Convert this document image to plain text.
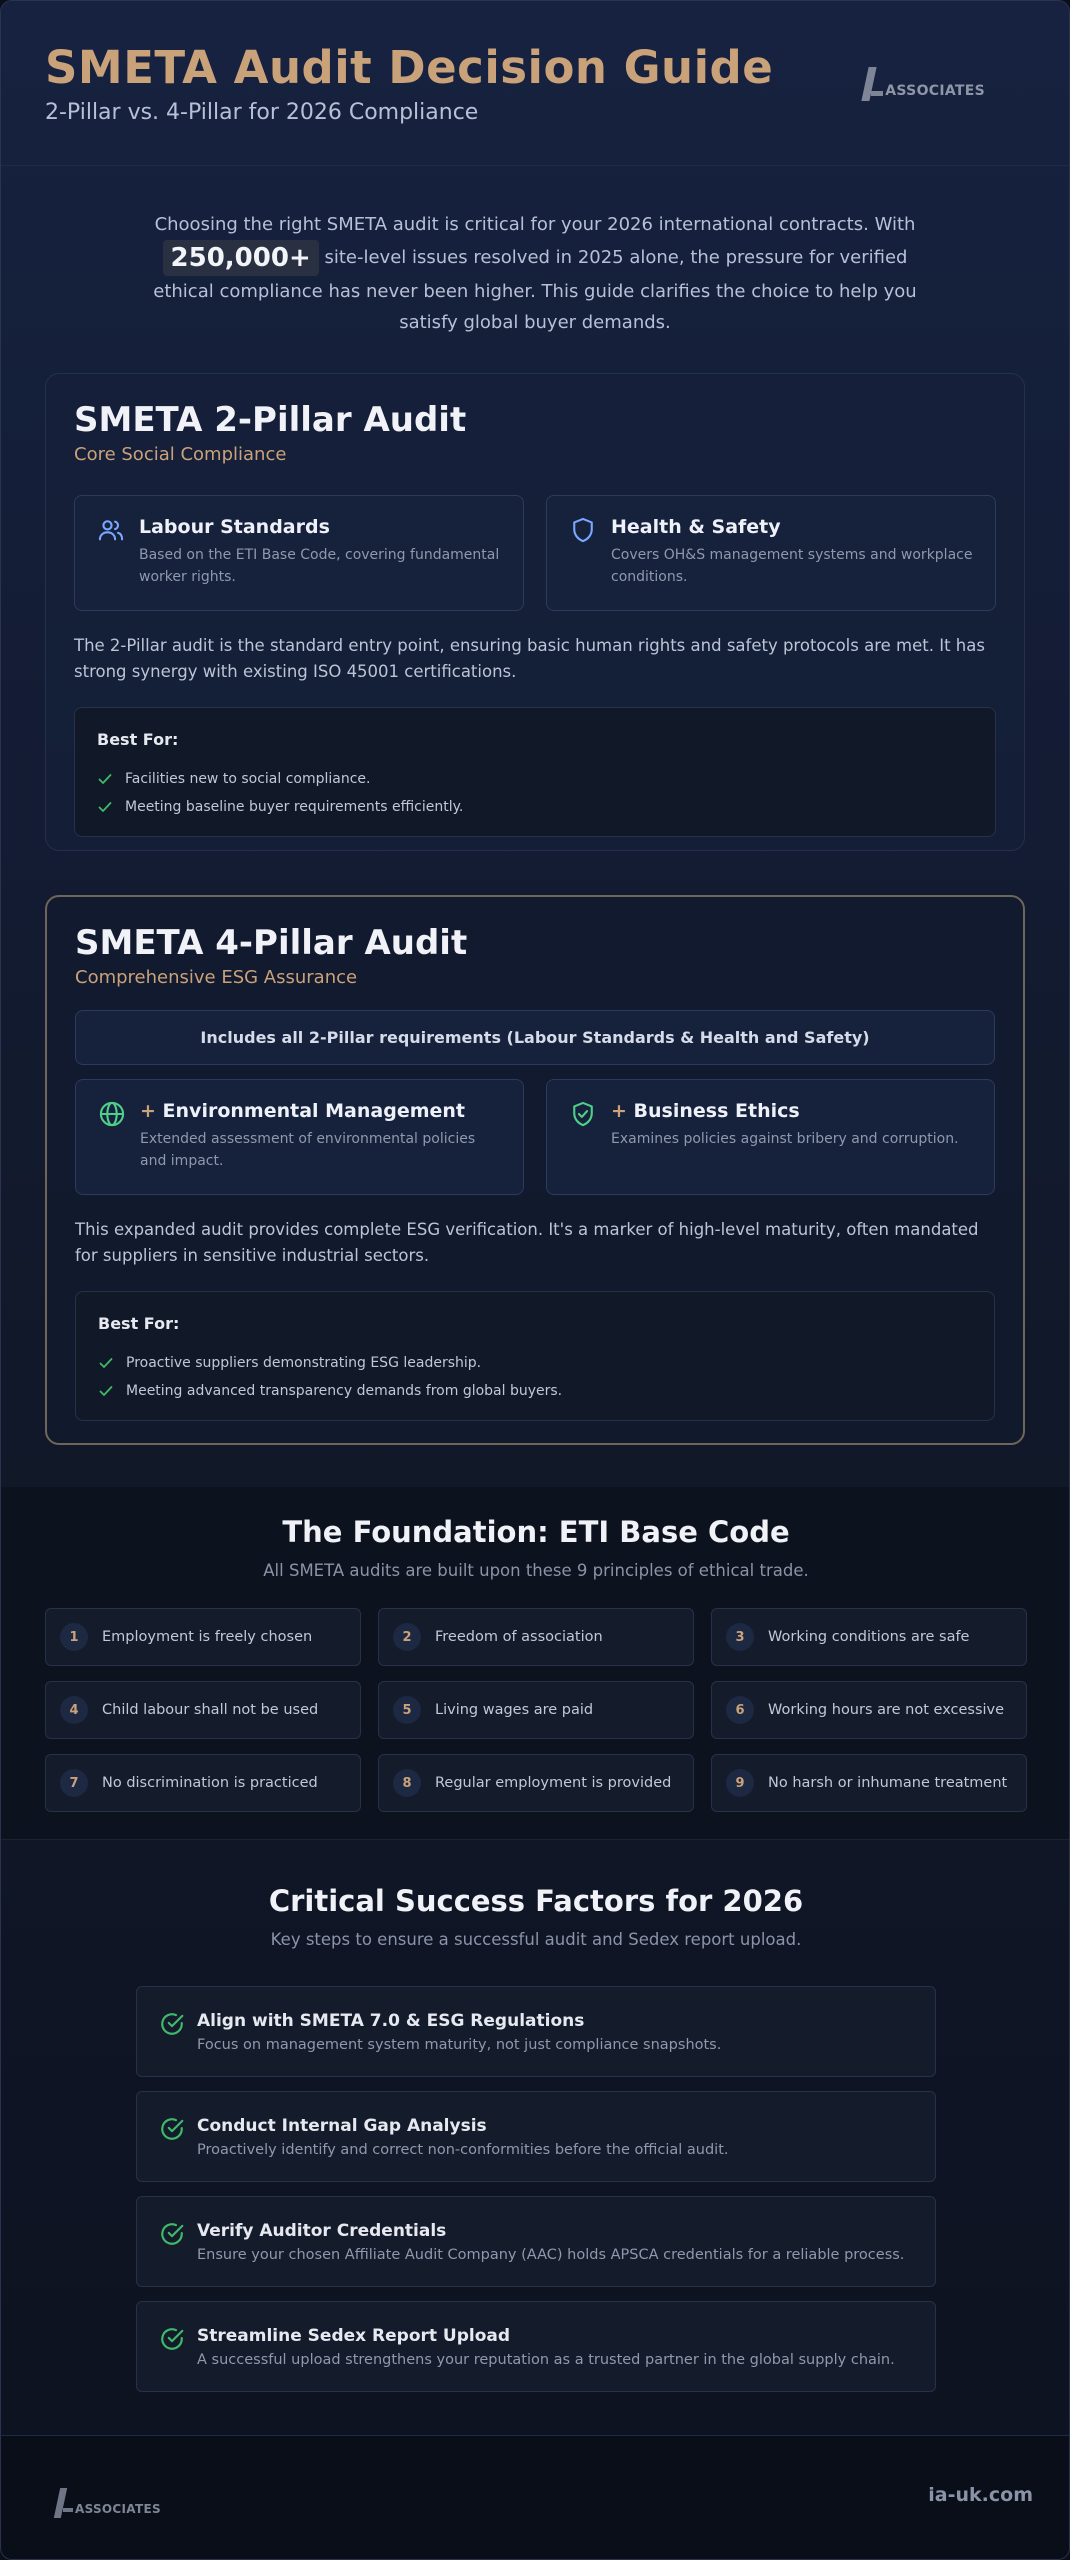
SMETA Audit Decision Guide
2-Pillar vs. 4-Pillar for 2026 Compliance
ASSOCIATES
Choosing the right SMETA audit is critical for your 2026 international contracts. With
250,000+ site-level issues resolved in 2025 alone, the pressure for verified ethical compliance has never been higher. This guide clarifies the choice to help you satisfy global buyer demands.
SMETA 2-Pillar Audit
Core Social Compliance
Labour Standards
Based on the ETI Base Code, covering fundamental worker rights.
Health & Safety
Covers OH&S management systems and workplace conditions.
The 2-Pillar audit is the standard entry point, ensuring basic human rights and safety protocols are met. It has strong synergy with existing ISO 45001 certifications.
Best For:
Facilities new to social compliance.
Meeting baseline buyer requirements efficiently.
SMETA 4-Pillar Audit
Comprehensive ESG Assurance
Includes all 2-Pillar requirements (Labour Standards & Health and Safety)
+ Environmental Management
Extended assessment of environmental policies and impact.
+ Business Ethics
Examines policies against bribery and corruption.
This expanded audit provides complete ESG verification. It's a marker of high-level maturity, often mandated for suppliers in sensitive industrial sectors.
Best For:
Proactive suppliers demonstrating ESG leadership.
Meeting advanced transparency demands from global buyers.
The Foundation: ETI Base Code
All SMETA audits are built upon these 9 principles of ethical trade.
1	Employment is freely chosen	2	Freedom of association	3	Working conditions are safe
4	Child labour shall not be used	5	Living wages are paid	6	Working hours are not excessive
7	No discrimination is practiced	8	Regular employment is provided	9	No harsh or inhumane treatment
Critical Success Factors for 2026
Key steps to ensure a successful audit and Sedex report upload.
Align with SMETA 7.0 & ESG Regulations
Focus on management system maturity, not just compliance snapshots.
Conduct Internal Gap Analysis
Proactively identify and correct non-conformities before the official audit.
Verify Auditor Credentials
Ensure your chosen Affiliate Audit Company (AAC) holds APSCA credentials for a reliable process.
Streamline Sedex Report Upload
A successful upload strengthens your reputation as a trusted partner in the global supply chain.
ASSOCIATES
ia-uk.com
